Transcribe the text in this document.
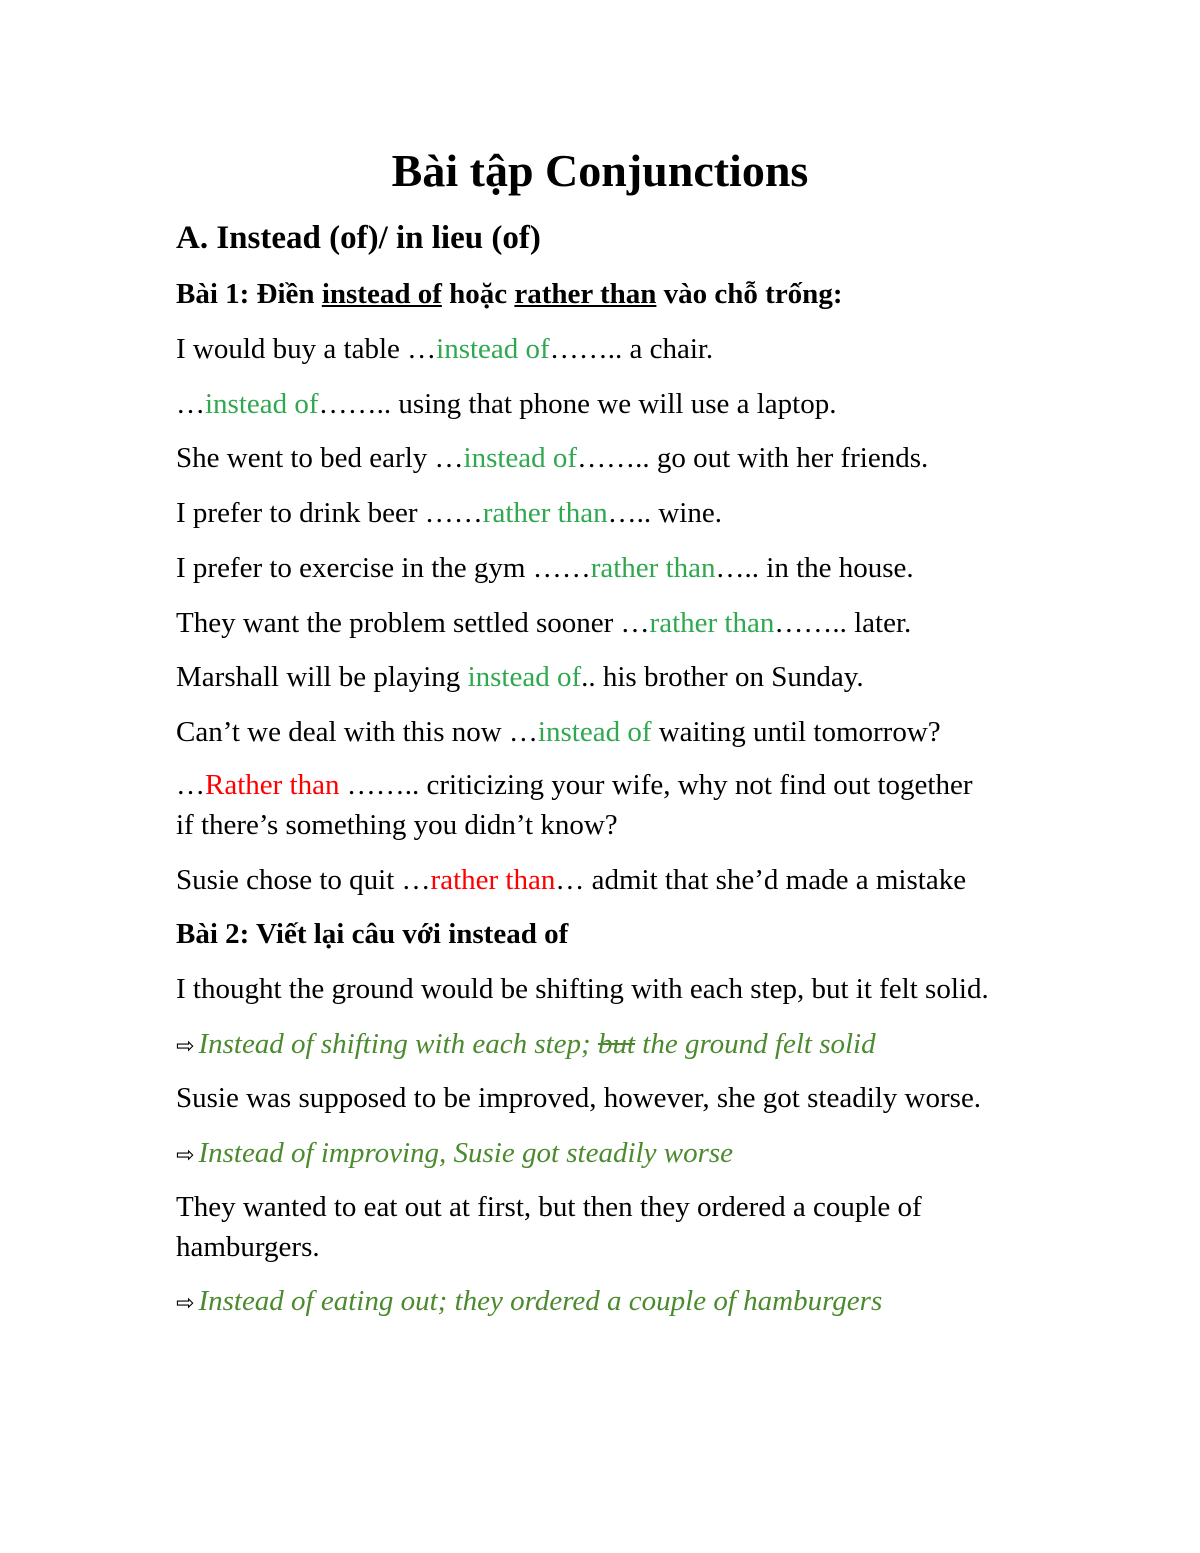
Bài tập Conjunctions
A. Instead (of)/ in lieu (of)
Bài 1: Điền instead of hoặc rather than vào chỗ trống:
I would buy a table …instead of…….. a chair.
…instead of…….. using that phone we will use a laptop.
She went to bed early …instead of…….. go out with her friends.
I prefer to drink beer ……rather than….. wine.
I prefer to exercise in the gym ……rather than….. in the house.
They want the problem settled sooner …rather than…….. later.
Marshall will be playing instead of.. his brother on Sunday.
Can’t we deal with this now …instead of waiting until tomorrow?
…Rather than …….. criticizing your wife, why not find out together
if there’s something you didn’t know?
Susie chose to quit …rather than… admit that she’d made a mistake
Bài 2: Viết lại câu với instead of
I thought the ground would be shifting with each step, but it felt solid.
⇨ Instead of shifting with each step; but the ground felt solid
Susie was supposed to be improved, however, she got steadily worse.
⇨ Instead of improving, Susie got steadily worse
They wanted to eat out at first, but then they ordered a couple of
hamburgers.
⇨ Instead of eating out; they ordered a couple of hamburgers
